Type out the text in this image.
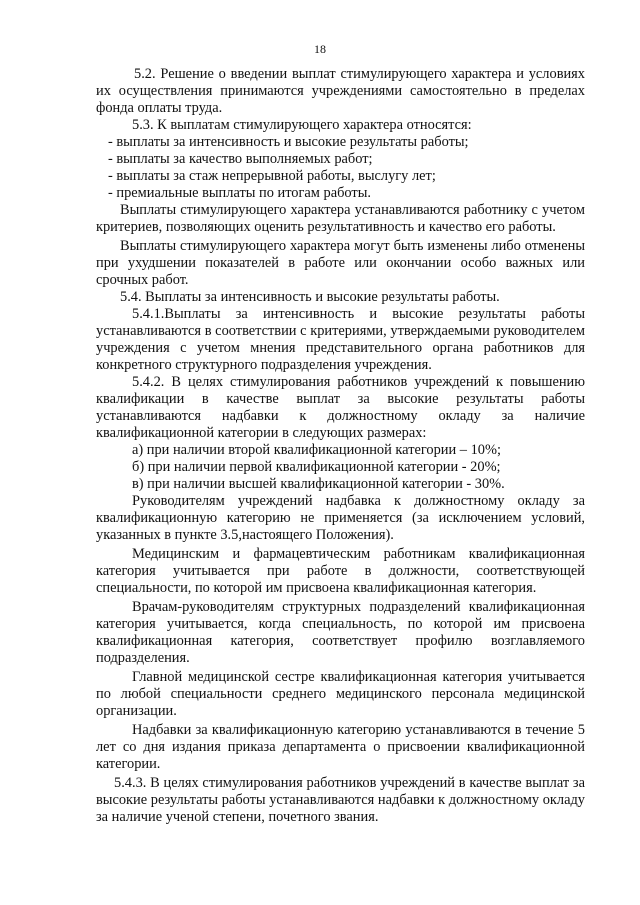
18

5.2. Решение о введении выплат стимулирующего характера и условиях их осуществления принимаются учреждениями самостоятельно в пределах фонда оплаты труда.

5.3. К выплатам стимулирующего характера относятся:

- выплаты за интенсивность и высокие результаты работы;

- выплаты за качество выполняемых работ;

- выплаты за стаж непрерывной работы, выслугу лет;

- премиальные выплаты по итогам работы.

Выплаты стимулирующего характера устанавливаются работнику с учетом критериев, позволяющих оценить результативность и качество его работы.

Выплаты стимулирующего характера могут быть изменены либо отменены при ухудшении показателей в работе или окончании особо важных или срочных работ.

5.4. Выплаты за интенсивность и высокие результаты работы.

5.4.1.Выплаты за интенсивность и высокие результаты работы устанавливаются в соответствии с критериями, утверждаемыми руководителем учреждения с учетом мнения представительного органа работников для конкретного структурного подразделения учреждения.

5.4.2. В целях стимулирования работников учреждений к повышению квалификации в качестве выплат за высокие результаты работы устанавливаются надбавки к должностному окладу за наличие квалификационной категории в следующих размерах:

а) при наличии второй квалификационной категории – 10%;

б) при наличии первой квалификационной категории - 20%;

в) при наличии высшей квалификационной категории - 30%.

Руководителям учреждений надбавка к должностному окладу за квалификационную категорию не применяется (за исключением условий, указанных в пункте 3.5,настоящего Положения).

Медицинским и фармацевтическим работникам квалификационная категория учитывается при работе в должности, соответствующей специальности, по которой им присвоена квалификационная категория.

Врачам-руководителям структурных подразделений квалификационная категория учитывается, когда специальность, по которой им присвоена квалификационная категория, соответствует профилю возглавляемого подразделения.

Главной медицинской сестре квалификационная категория учитывается по любой специальности среднего медицинского персонала медицинской организации.

Надбавки за квалификационную категорию устанавливаются в течение 5 лет со дня издания приказа департамента о присвоении квалификационной категории.

5.4.3. В целях стимулирования работников учреждений в качестве выплат за высокие результаты работы устанавливаются надбавки к должностному окладу за наличие ученой степени, почетного звания.
